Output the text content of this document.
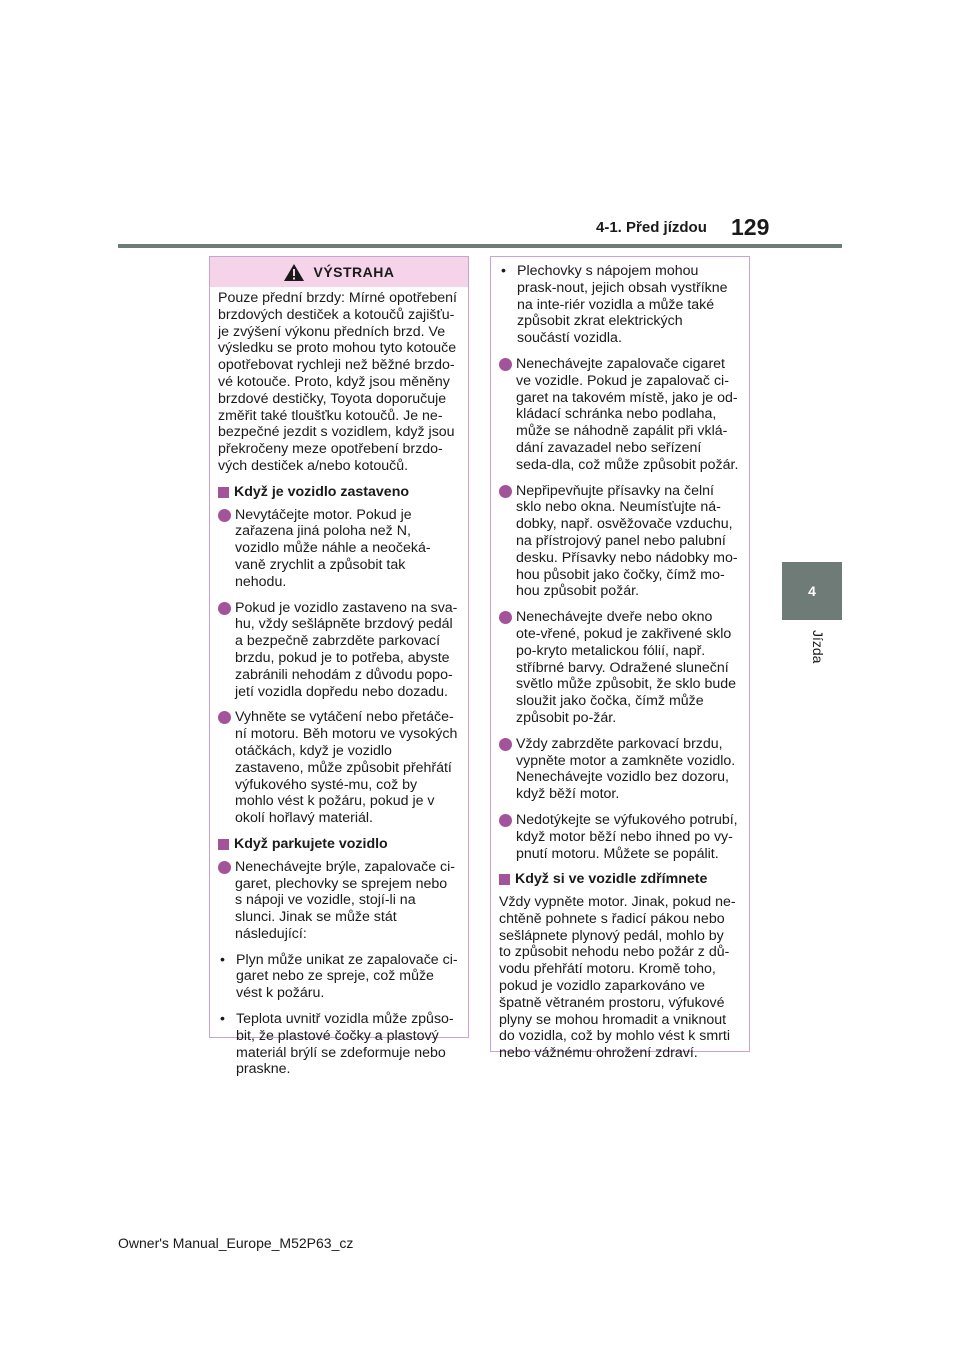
4-1. Před jízdou 129
4
Jízda
VÝSTRAHA

Pouze přední brzdy: Mírné opotřebení brzdových destiček a kotoučů zajišťu-je zvýšení výkonu předních brzd. Ve výsledku se proto mohou tyto kotouče opotřebovat rychleji než běžné brzdo-vé kotouče. Proto, když jsou měněny brzdové destičky, Toyota doporučuje změřit také tloušťku kotoučů. Je ne-bezpečné jezdit s vozidlem, když jsou překročeny meze opotřebení brzdo-vých destiček a/nebo kotoučů.

Když je vozidlo zastaveno
Nevytáčejte motor. Pokud je zařazena jiná poloha než N, vozidlo může náhle a neočeká-vaně zrychlit a způsobit tak nehodu.
Pokud je vozidlo zastaveno na sva-hu, vždy sešlápněte brzdový pedál a bezpečně zabrzděte parkovací brzdu, pokud je to potřeba, abyste zabránili nehodám z důvodu popo-jetí vozidla dopředu nebo dozadu.
Vyhněte se vytáčení nebo přetáče-ní motoru. Běh motoru ve vysokých otáčkách, když je vozidlo zastaveno, může způsobit přehřátí výfukového systé-mu, což by mohlo vést k požáru, pokud je v okolí hořlavý materiál.
Když parkujete vozidlo
Nenechávejte brýle, zapalovače ci-garet, plechovky se sprejem nebo s nápoji ve vozidle, stojí-li na slunci. Jinak se může stát následující:
• Plyn může unikat ze zapalovače ci-garet nebo ze spreje, což může vést k požáru.
• Teplota uvnitř vozidla může způso-bit, že plastové čočky a plastový materiál brýlí se zdeformuje nebo praskne.
• Plechovky s nápojem mohou prask-nout, jejich obsah vystříkne na inte-riér vozidla a může také způsobit zkrat elektrických součástí vozidla.
Nenechávejte zapalovače cigaret ve vozidle. Pokud je zapalovač ci-garet na takovém místě, jako je od-kládací schránka nebo podlaha, může se náhodně zapálit při vklá-dání zavazadel nebo seřízení seda-dla, což může způsobit požár.
Nepřipevňujte přísavky na čelní sklo nebo okna. Neumísťujte ná-dobky, např. osvěžovače vzduchu, na přístrojový panel nebo palubní desku. Přísavky nebo nádobky mo-hou působit jako čočky, čímž mo-hou způsobit požár.
Nenechávejte dveře nebo okno ote-vřené, pokud je zakřivené sklo po-kryto metalickou fólií, např. stříbrné barvy. Odražené sluneční světlo může způsobit, že sklo bude sloužit jako čočka, čímž může způsobit po-žár.
Vždy zabrzděte parkovací brzdu, vypněte motor a zamkněte vozidlo. Nenechávejte vozidlo bez dozoru, když běží motor.
Nedotýkejte se výfukového potrubí, když motor běží nebo ihned po vy-pnutí motoru. Můžete se popálit.
Když si ve vozidle zdřímnete

Vždy vypněte motor. Jinak, pokud ne-chtěně pohnete s řadicí pákou nebo sešlápnete plynový pedál, mohlo by to způsobit nehodu nebo požár z dů-vodu přehřátí motoru. Kromě toho, pokud je vozidlo zaparkováno ve špatně větraném prostoru, výfukové plyny se mohou hromadit a vniknout do vozidla, což by mohlo vést k smrti nebo vážnému ohrožení zdraví.

Owner's Manual_Europe_M52P63_cz
